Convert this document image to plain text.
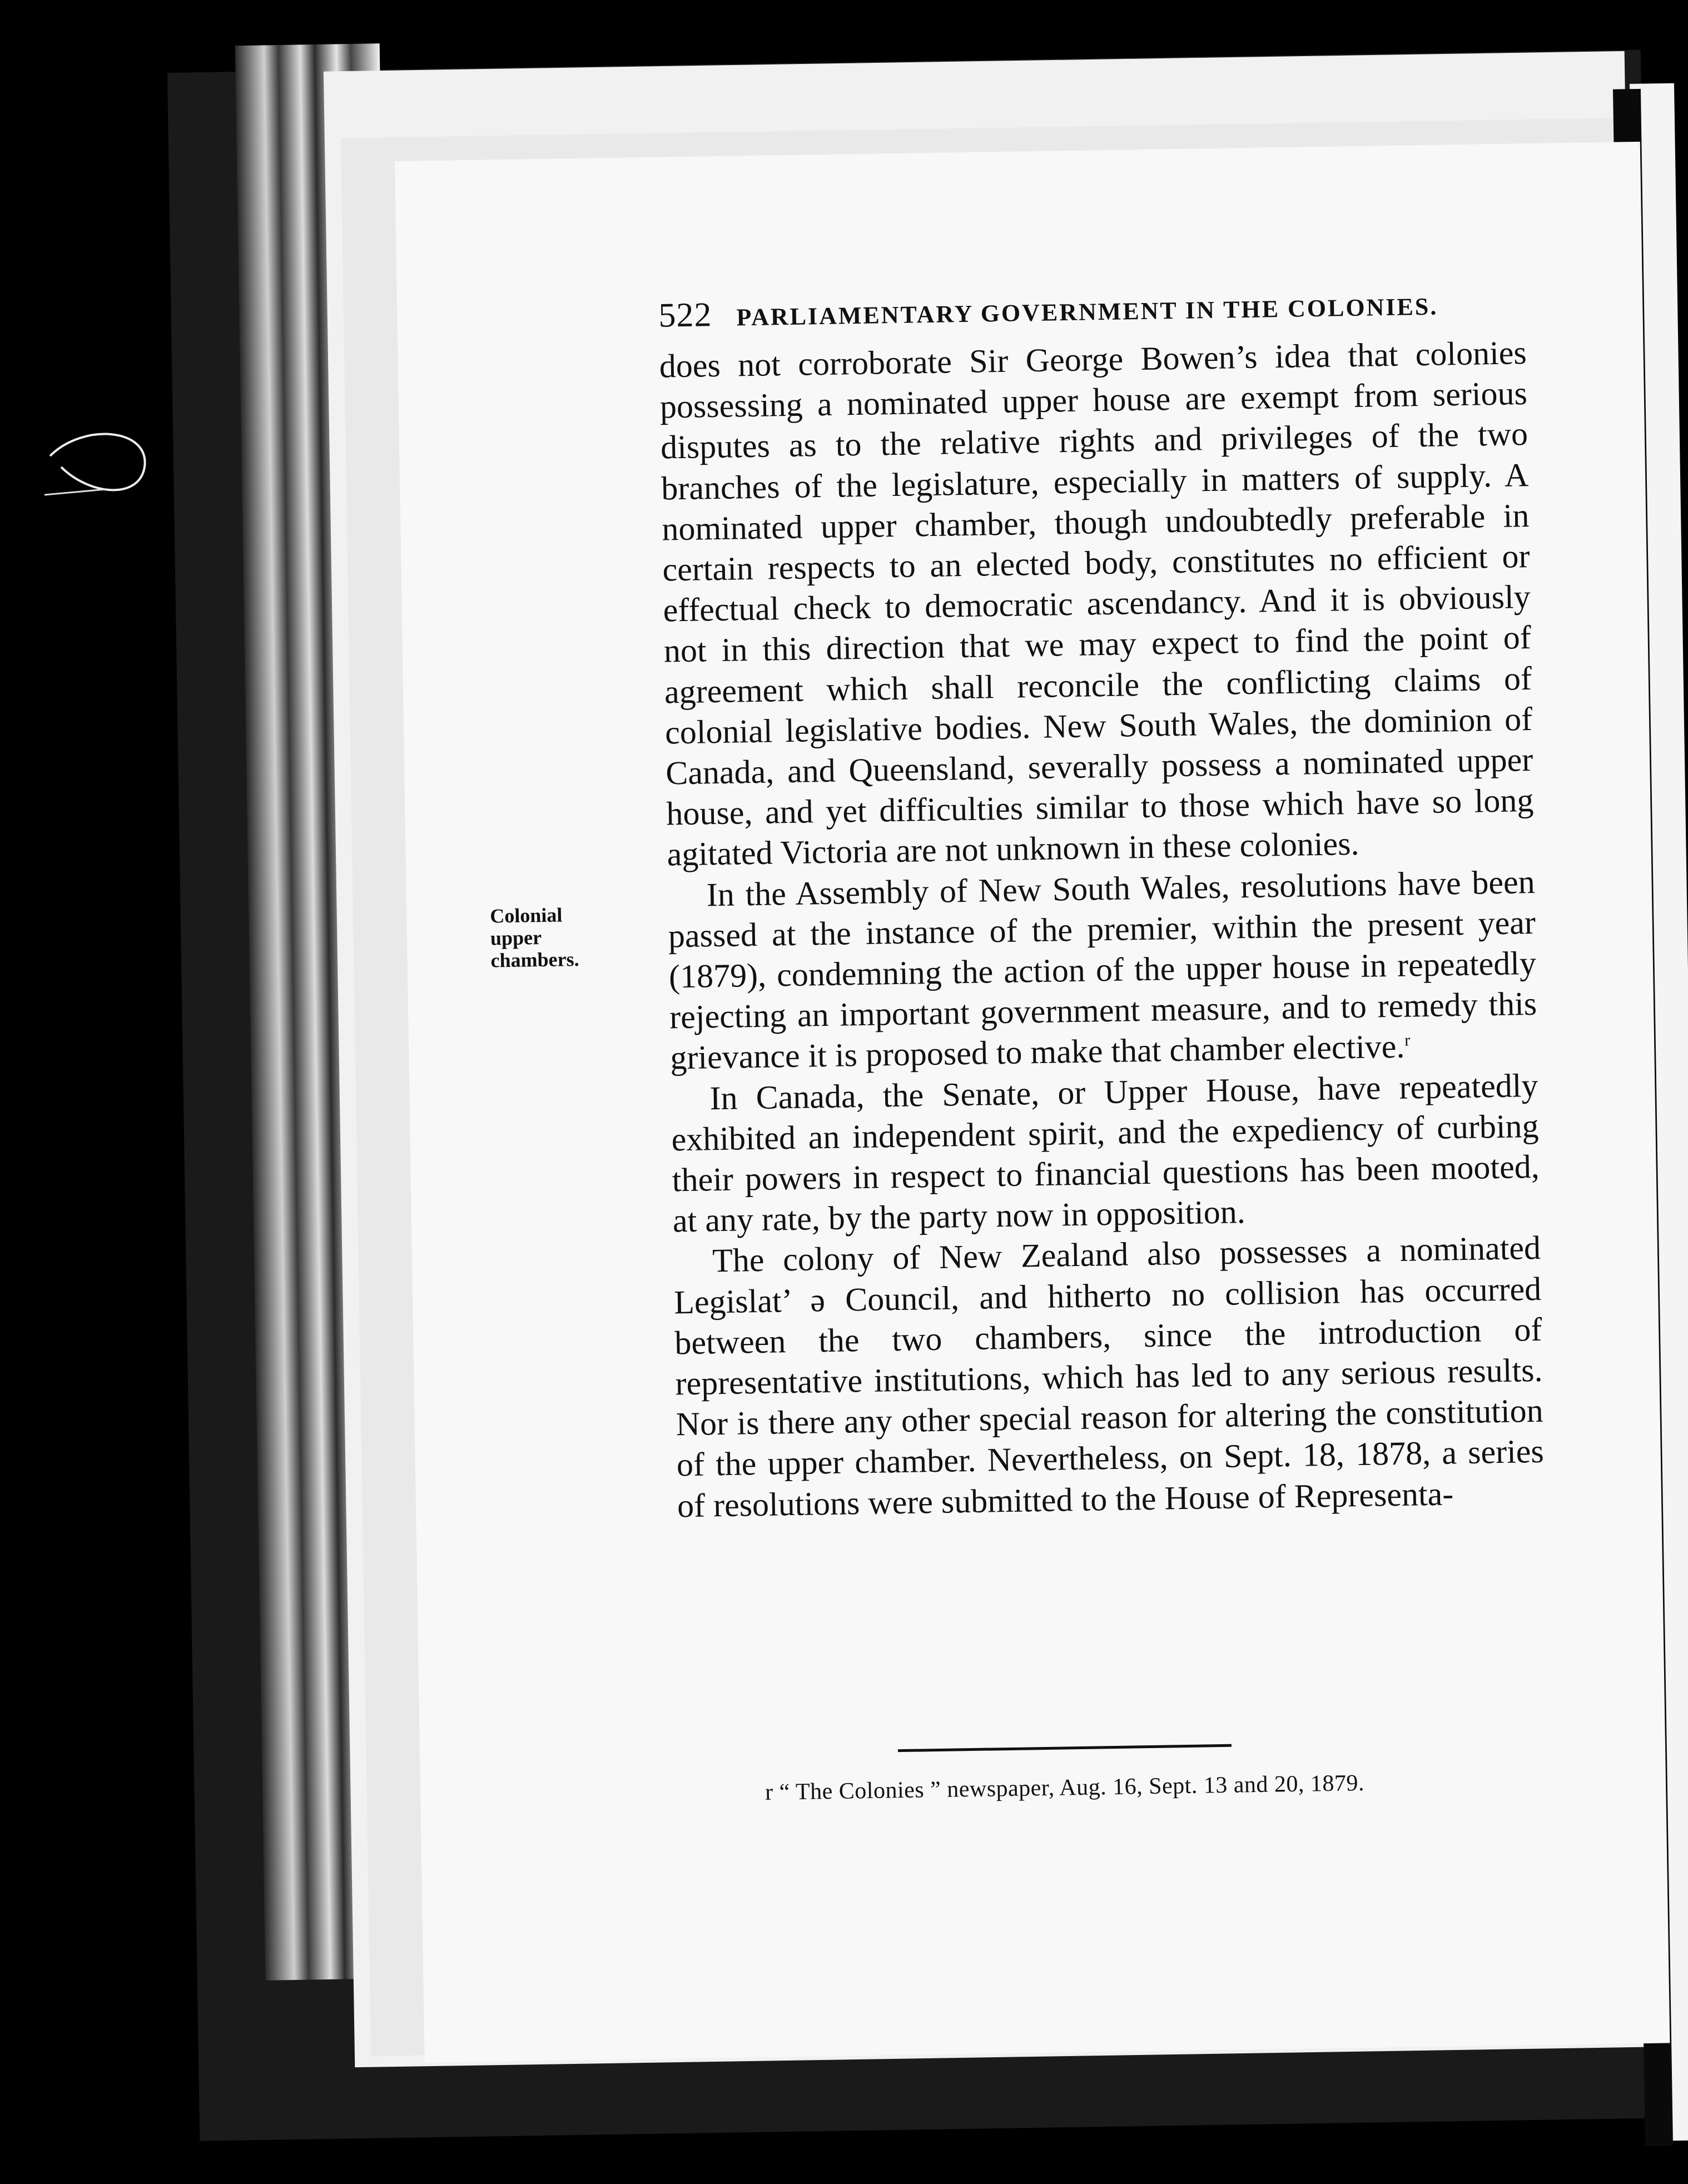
522 PARLIAMENTARY GOVERNMENT IN THE COLONIES.
Colonial
upper
chambers.

does not corroborate Sir George Bowen’s idea that colonies possessing a nominated upper house are exempt from serious disputes as to the relative rights and privileges of the two branches of the legislature, especially in matters of supply. A nominated upper chamber, though undoubtedly preferable in certain respects to an elected body, constitutes no efficient or effectual check to democratic ascendancy. And it is obviously not in this direction that we may expect to find the point of agreement which shall reconcile the conflicting claims of colonial legislative bodies. New South Wales, the dominion of Canada, and Queensland, severally possess a nominated upper house, and yet difficulties similar to those which have so long agitated Victoria are not unknown in these colonies.

In the Assembly of New South Wales, resolutions have been passed at the instance of the premier, within the present year (1879), condemning the action of the upper house in repeatedly rejecting an important government measure, and to remedy this grievance it is proposed to make that chamber elective.$^r$

In Canada, the Senate, or Upper House, have repeatedly exhibited an independent spirit, and the expediency of curbing their powers in respect to financial questions has been mooted, at any rate, by the party now in opposition.

The colony of New Zealand also possesses a nominated Legislat’ ə Council, and hitherto no collision has occurred between the two chambers, since the introduction of representative institutions, which has led to any serious results. Nor is there any other special reason for altering the constitution of the upper chamber. Nevertheless, on Sept. 18, 1878, a series of resolutions were submitted to the House of Representa-

r “ The Colonies ” newspaper, Aug. 16, Sept. 13 and 20, 1879.
